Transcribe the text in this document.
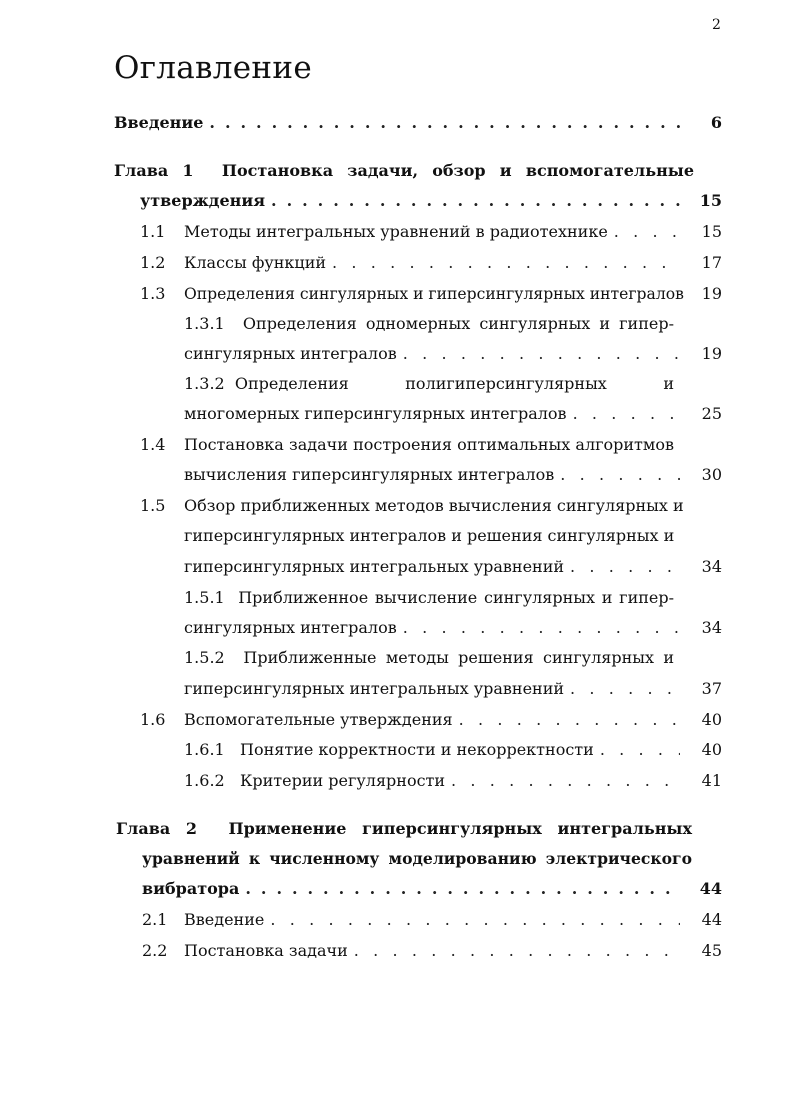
2
Оглавление
Введение . . .	6
Глава 1 Постановка задачи, обзор и вспомогательные
утверждения . . .	15
1.1 Методы интегральных уравнений в радиотехнике . . .	15
1.2 Классы функций . . .	17
1.3 Определения сингулярных и гиперсингулярных интегралов	19
1.3.1 Определения одномерных сингулярных и гипер-
сингулярных интегралов . . .	19
1.3.2 Определения	полигиперсингулярных	и
многомерных гиперсингулярных интегралов . . .	25
1.4 Постановка задачи построения оптимальных алгоритмов
вычисления гиперсингулярных интегралов . . .	30
1.5 Обзор приближенных методов вычисления сингулярных и
гиперсингулярных интегралов и решения сингулярных и
гиперсингулярных интегральных уравнений . . .	34
1.5.1 Приближенное вычисление сингулярных и гипер-
сингулярных интегралов . . .	34
1.5.2 Приближенные методы решения сингулярных и
гиперсингулярных интегральных уравнений . . .	37
1.6 Вспомогательные утверждения . . .	40
1.6.1 Понятие корректности и некорректности . . .	40
1.6.2 Критерии регулярности . . .	41
Глава 2 Применение гиперсингулярных интегральных
уравнений к численному моделированию электрического
вибратора . . .	44
2.1 Введение . . .	44
2.2 Постановка задачи . . .	45
